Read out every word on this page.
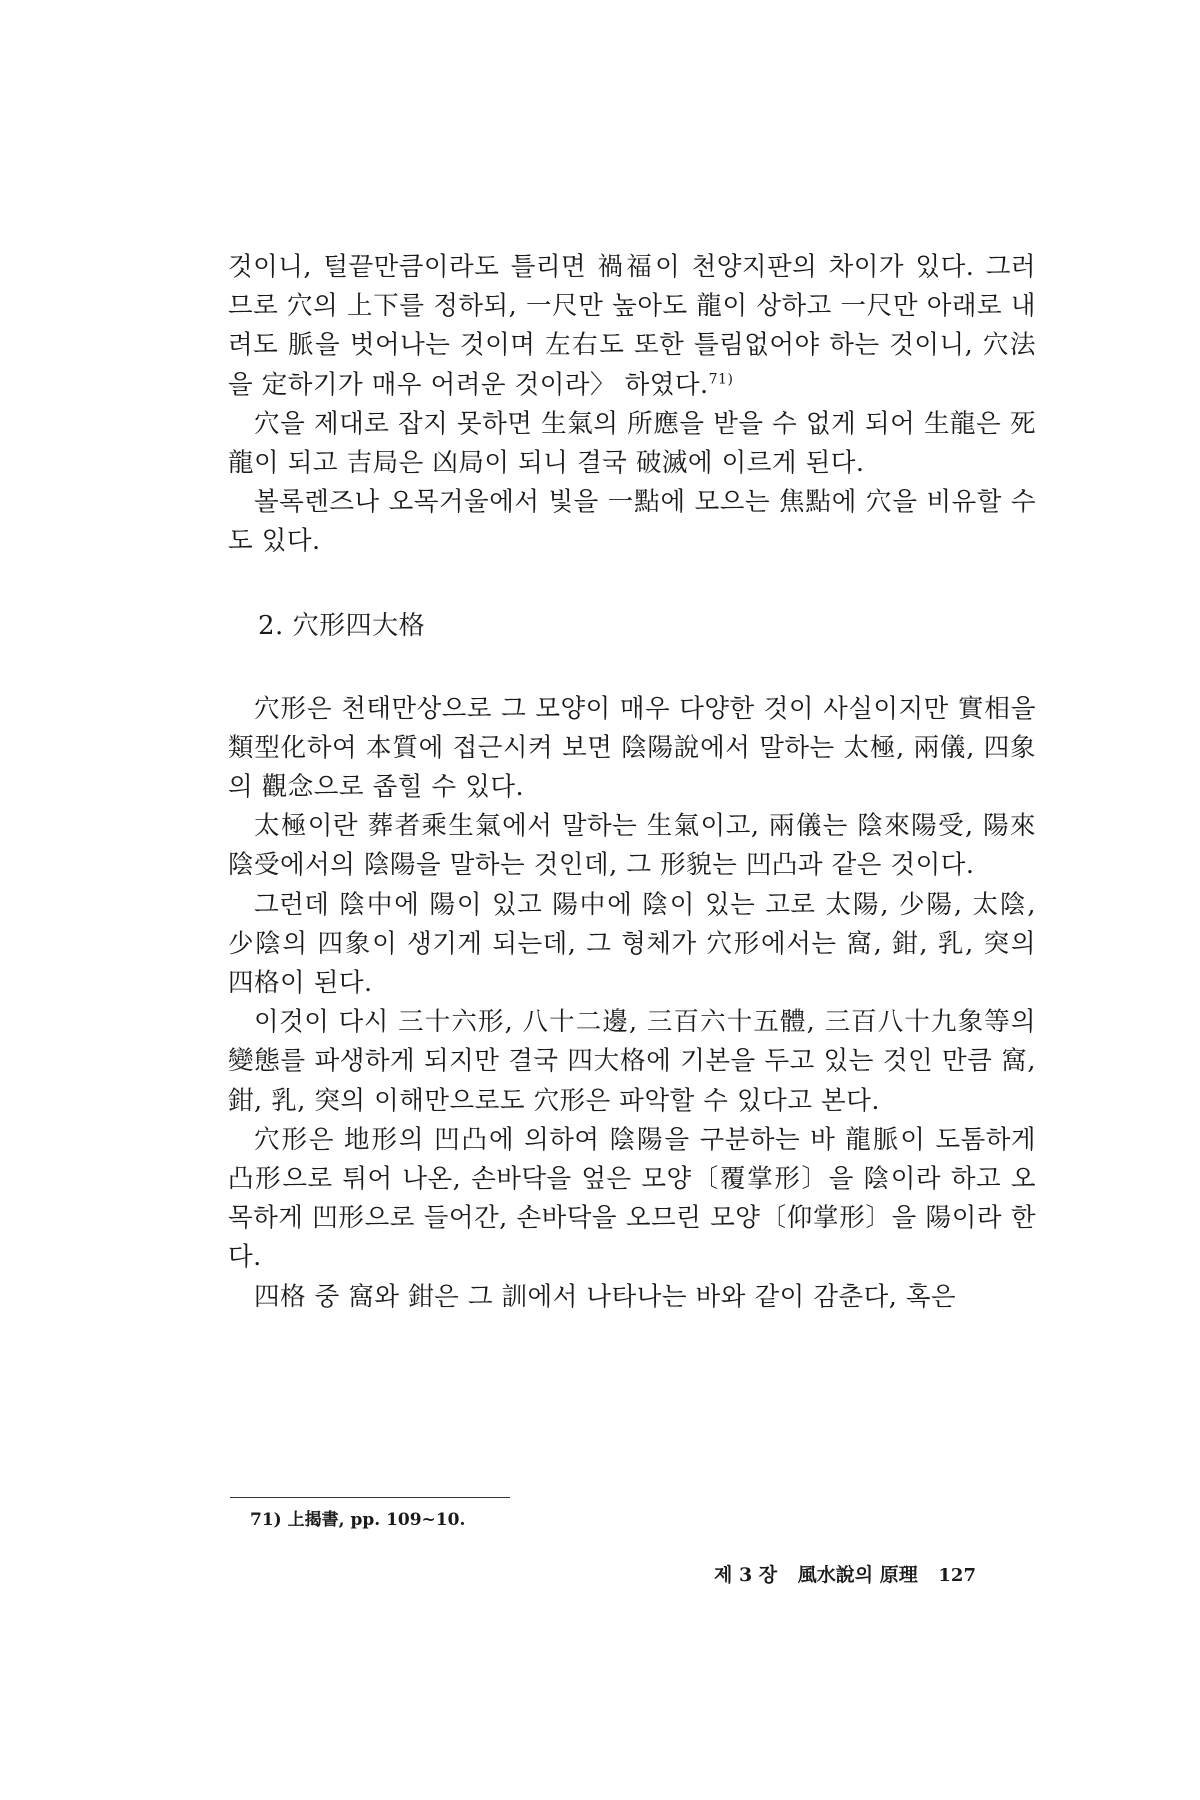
것이니, 털끝만큼이라도 틀리면 禍福이 천양지판의 차이가 있다. 그러므로 穴의 上下를 정하되, 一尺만 높아도 龍이 상하고 一尺만 아래로 내려도 脈을 벗어나는 것이며 左右도 또한 틀림없어야 하는 것이니, 穴法을 定하기가 매우 어려운 것이라〉 하였다.$^{71)}$

穴을 제대로 잡지 못하면 生氣의 所應을 받을 수 없게 되어 生龍은 死龍이 되고 吉局은 凶局이 되니 결국 破滅에 이르게 된다.

볼록렌즈나 오목거울에서 빛을 一點에 모으는 焦點에 穴을 비유할 수도 있다.

2. 穴形四大格

穴形은 천태만상으로 그 모양이 매우 다양한 것이 사실이지만 實相을 類型化하여 本質에 접근시켜 보면 陰陽說에서 말하는 太極, 兩儀, 四象의 觀念으로 좁힐 수 있다.

太極이란 葬者乘生氣에서 말하는 生氣이고, 兩儀는 陰來陽受, 陽來陰受에서의 陰陽을 말하는 것인데, 그 形貌는 凹凸과 같은 것이다.

그런데 陰中에 陽이 있고 陽中에 陰이 있는 고로 太陽, 少陽, 太陰, 少陰의 四象이 생기게 되는데, 그 형체가 穴形에서는 窩, 鉗, 乳, 突의 四格이 된다.

이것이 다시 三十六形, 八十二邊, 三百六十五體, 三百八十九象等의 變態를 파생하게 되지만 결국 四大格에 기본을 두고 있는 것인 만큼 窩, 鉗, 乳, 突의 이해만으로도 穴形은 파악할 수 있다고 본다.

穴形은 地形의 凹凸에 의하여 陰陽을 구분하는 바 龍脈이 도톰하게 凸形으로 튀어 나온, 손바닥을 엎은 모양〔覆掌形〕을 陰이라 하고 오목하게 凹形으로 들어간, 손바닥을 오므린 모양〔仰掌形〕을 陽이라 한다.

四格 중 窩와 鉗은 그 訓에서 나타나는 바와 같이 감춘다, 혹은

71) 上揭書, pp. 109~10.
제 3 장 風水說의 原理 127
